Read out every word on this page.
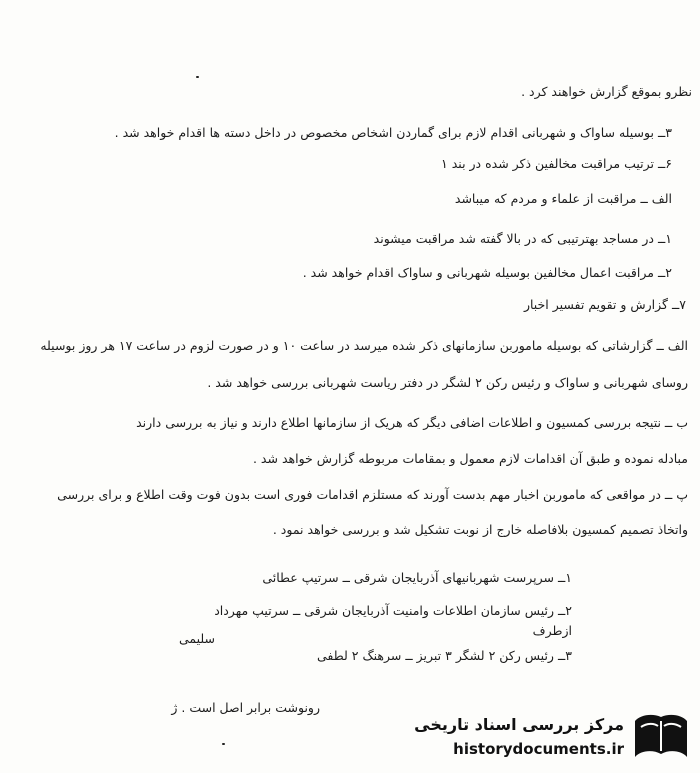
نظرو بموقع گزارش خواهند کرد .
۳ــ بوسیله ساواک و شهربانی اقدام لازم برای گماردن اشخاص مخصوص در داخل دسته ها اقدام خواهد شد .
۶ــ ترتیب مراقبت مخالفین ذکر شده در بند ۱
الف ــ مراقبت از علماء و مردم که میباشد
۱ــ در مساجد بهترتیبی که در بالا گفته شد مراقبت میشوند
۲ــ مراقبت اعمال مخالفین بوسیله شهربانی و ساواک اقدام خواهد شد .
۷ــ گزارش و تقویم تفسیر اخبار
الف ــ گزارشاتی که بوسیله ماموربن سازمانهای ذکر شده میرسد در ساعت ۱۰ و در صورت لزوم در ساعت ۱۷ هر روز بوسیله
روسای شهربانی و ساواک و رئیس رکن ۲ لشگر در دفتر ریاست شهربانی بررسی خواهد شد .
ب ــ نتیجه بررسی کمسیون و اطلاعات اضافی دیگر که هریک از سازمانها اطلاع دارند و نیاز به بررسی دارند
مبادله نموده و طبق آن اقدامات لازم معمول و بمقامات مربوطه گزارش خواهد شد .
پ ــ در مواقعی که ماموربن اخبار مهم بدست آورند که مستلزم اقدامات فوری است بدون فوت وقت اطلاع و برای بررسی
واتخاذ تصمیم کمسیون بلافاصله خارج از نوبت تشکیل شد و بررسی خواهد نمود .
۱ــ سرپرست شهربانیهای آذربایجان شرقی ــ سرتیپ عطائی
۲ــ رئیس سازمان اطلاعات وامنیت آذربایجان شرقی ــ سرتیپ مهرداد
ازطرف
سلیمی
۳ــ رئیس رکن ۲ لشگر ۳ تبریز ــ سرهنگ ۲ لطفی
رونوشت برابر اصل است . ژ
مرکز بررسی اسناد تاریخی
historydocuments.ir
